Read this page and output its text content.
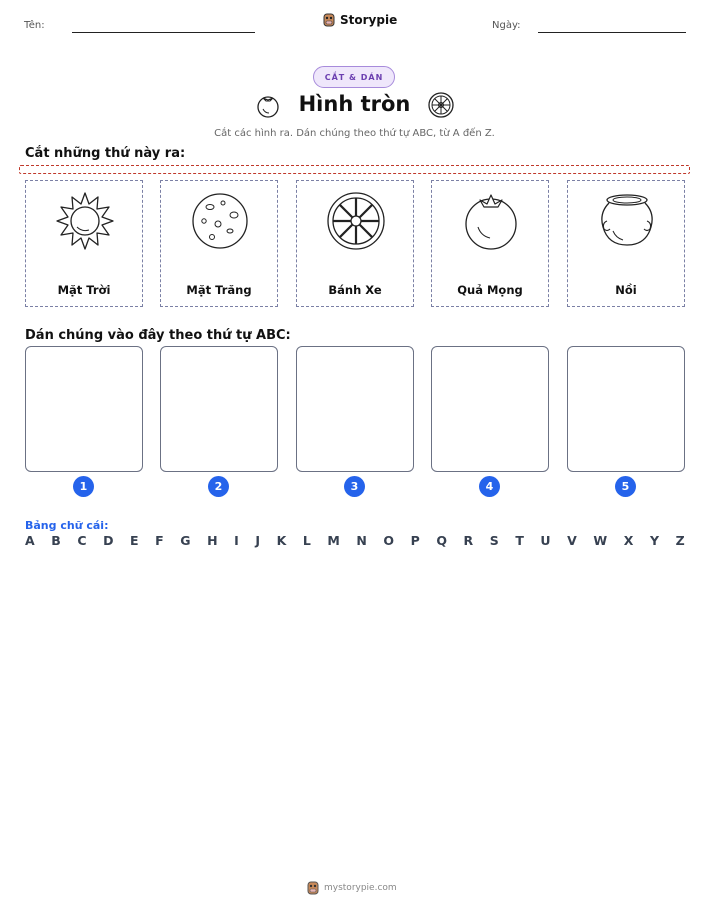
Tên:	Storypie	Ngày:
CẮT & DÁN
Hình tròn
Cắt các hình ra. Dán chúng theo thứ tự ABC, từ A đến Z.
Cắt những thứ này ra:
Mặt Trời	Mặt Trăng	Bánh Xe	Quả Mọng	Nồi
Dán chúng vào đây theo thứ tự ABC:
1	2	3	4	5
Bảng chữ cái:
A B C D E F G H I J K L M N O P Q R S T U V W X Y Z
mystorypie.com
